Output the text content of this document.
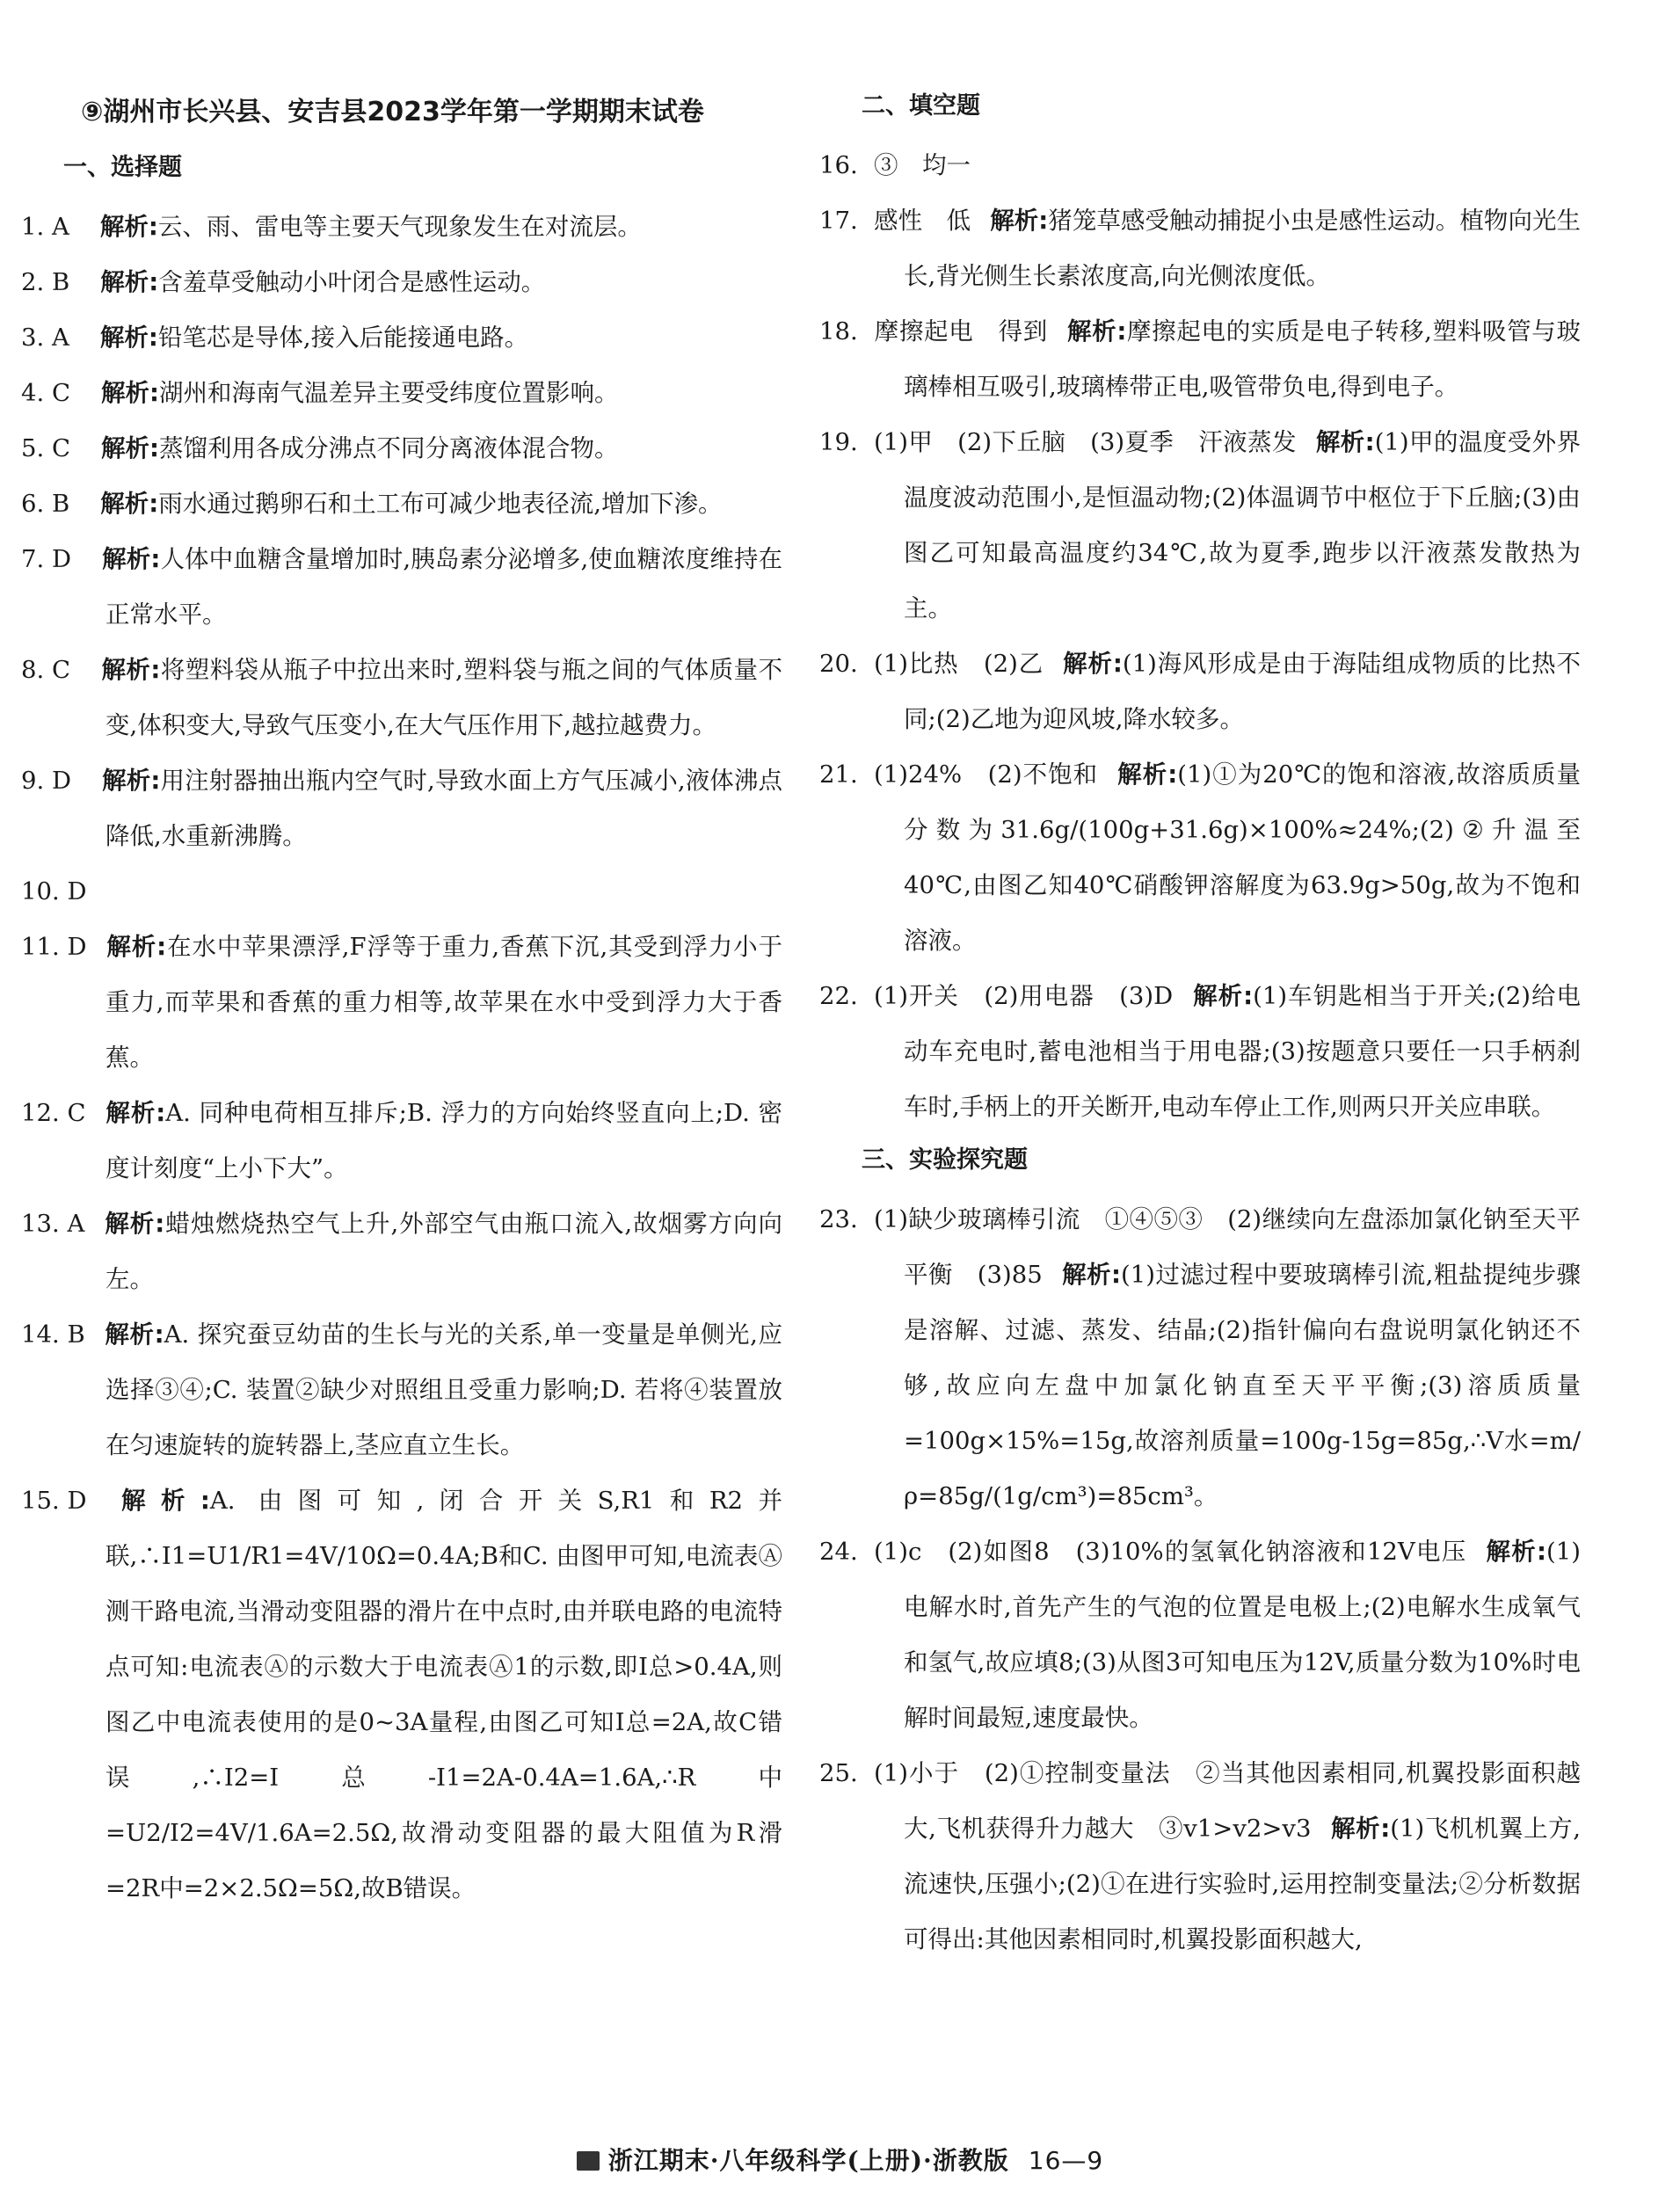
⑨湖州市长兴县、安吉县2023学年第一学期期末试卷
一、选择题

1. A 解析:云、雨、雷电等主要天气现象发生在对流层。

2. B 解析:含羞草受触动小叶闭合是感性运动。

3. A 解析:铅笔芯是导体,接入后能接通电路。

4. C 解析:湖州和海南气温差异主要受纬度位置影响。

5. C 解析:蒸馏利用各成分沸点不同分离液体混合物。

6. B 解析:雨水通过鹅卵石和土工布可减少地表径流,增加下渗。

7. D 解析:人体中血糖含量增加时,胰岛素分泌增多,使血糖浓度维持在正常水平。

8. C 解析:将塑料袋从瓶子中拉出来时,塑料袋与瓶之间的气体质量不变,体积变大,导致气压变小,在大气压作用下,越拉越费力。

9. D 解析:用注射器抽出瓶内空气时,导致水面上方气压减小,液体沸点降低,水重新沸腾。

10. D

11. D 解析:在水中苹果漂浮,F浮等于重力,香蕉下沉,其受到浮力小于重力,而苹果和香蕉的重力相等,故苹果在水中受到浮力大于香蕉。

12. C 解析:A. 同种电荷相互排斥;B. 浮力的方向始终竖直向上;D. 密度计刻度“上小下大”。

13. A 解析:蜡烛燃烧热空气上升,外部空气由瓶口流入,故烟雾方向向左。

14. B 解析:A. 探究蚕豆幼苗的生长与光的关系,单一变量是单侧光,应选择③④;C. 装置②缺少对照组且受重力影响;D. 若将④装置放在匀速旋转的旋转器上,茎应直立生长。

15. D 解析:A. 由图可知,闭合开关S,R1和R2并联,∴I1=U1/R1=4V/10Ω=0.4A;B和C. 由图甲可知,电流表Ⓐ测干路电流,当滑动变阻器的滑片在中点时,由并联电路的电流特点可知:电流表Ⓐ的示数大于电流表Ⓐ1的示数,即I总>0.4A,则图乙中电流表使用的是0~3A量程,由图乙可知I总=2A,故C错误,∴I2=I总-I1=2A-0.4A=1.6A,∴R中=U2/I2=4V/1.6A=2.5Ω,故滑动变阻器的最大阻值为R滑=2R中=2×2.5Ω=5Ω,故B错误。

二、填空题

16. ③　均一

17. 感性　低 解析:猪笼草感受触动捕捉小虫是感性运动。植物向光生长,背光侧生长素浓度高,向光侧浓度低。

18. 摩擦起电　得到 解析:摩擦起电的实质是电子转移,塑料吸管与玻璃棒相互吸引,玻璃棒带正电,吸管带负电,得到电子。

19. (1)甲　(2)下丘脑　(3)夏季　汗液蒸发 解析:(1)甲的温度受外界温度波动范围小,是恒温动物;(2)体温调节中枢位于下丘脑;(3)由图乙可知最高温度约34℃,故为夏季,跑步以汗液蒸发散热为主。

20. (1)比热　(2)乙 解析:(1)海风形成是由于海陆组成物质的比热不同;(2)乙地为迎风坡,降水较多。

21. (1)24%　(2)不饱和 解析:(1)①为20℃的饱和溶液,故溶质质量分数为31.6g/(100g+31.6g)×100%≈24%;(2)②升温至40℃,由图乙知40℃硝酸钾溶解度为63.9g>50g,故为不饱和溶液。

22. (1)开关　(2)用电器　(3)D 解析:(1)车钥匙相当于开关;(2)给电动车充电时,蓄电池相当于用电器;(3)按题意只要任一只手柄刹车时,手柄上的开关断开,电动车停止工作,则两只开关应串联。

三、实验探究题

23. (1)缺少玻璃棒引流　①④⑤③　(2)继续向左盘添加氯化钠至天平平衡　(3)85 解析:(1)过滤过程中要玻璃棒引流,粗盐提纯步骤是溶解、过滤、蒸发、结晶;(2)指针偏向右盘说明氯化钠还不够,故应向左盘中加氯化钠直至天平平衡;(3)溶质质量=100g×15%=15g,故溶剂质量=100g-15g=85g,∴V水=m/ρ=85g/(1g/cm³)=85cm³。

24. (1)c　(2)如图8　(3)10%的氢氧化钠溶液和12V电压 解析:(1)电解水时,首先产生的气泡的位置是电极上;(2)电解水生成氧气和氢气,故应填8;(3)从图3可知电压为12V,质量分数为10%时电解时间最短,速度最快。

25. (1)小于　(2)①控制变量法　②当其他因素相同,机翼投影面积越大,飞机获得升力越大　③v1>v2>v3 解析:(1)飞机机翼上方,流速快,压强小;(2)①在进行实验时,运用控制变量法;②分析数据可得出:其他因素相同时,机翼投影面积越大,

浙江期末·八年级科学(上册)·浙教版 16—9
